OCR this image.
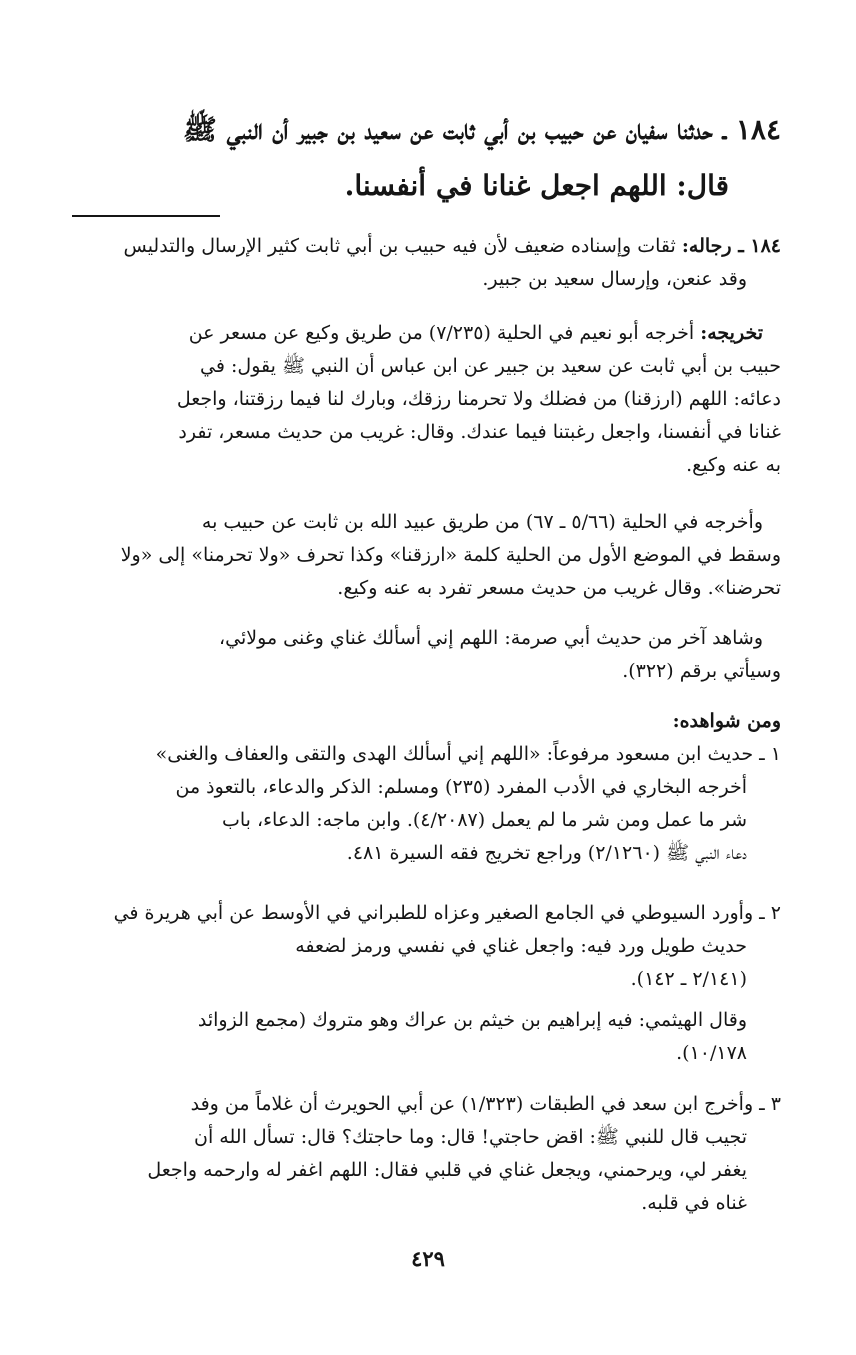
١٨٤ ـ حدثنا سفيان عن حبيب بن أبي ثابت عن سعيد بن جبير أن النبي ﷺ
قال: اللهم اجعل غنانا في أنفسنا.
١٨٤ ـ رجاله: ثقات وإسناده ضعيف لأن فيه حبيب بن أبي ثابت كثير الإرسال والتدليس
وقد عنعن، وإرسال سعيد بن جبير.
تخريجه: أخرجه أبو نعيم في الحلية (٧/٢٣٥) من طريق وكيع عن مسعر عن
حبيب بن أبي ثابت عن سعيد بن جبير عن ابن عباس أن النبي ﷺ يقول: في
دعائه: اللهم (ارزقنا) من فضلك ولا تحرمنا رزقك، وبارك لنا فيما رزقتنا، واجعل
غنانا في أنفسنا، واجعل رغبتنا فيما عندك. وقال: غريب من حديث مسعر، تفرد
به عنه وكيع.
وأخرجه في الحلية (٥/٦٦ ـ ٦٧) من طريق عبيد الله بن ثابت عن حبيب به
وسقط في الموضع الأول من الحلية كلمة «ارزقنا» وكذا تحرف «ولا تحرمنا» إلى «ولا
تحرضنا». وقال غريب من حديث مسعر تفرد به عنه وكيع.
وشاهد آخر من حديث أبي صرمة: اللهم إني أسألك غناي وغنى مولائي،
وسيأتي برقم (٣٢٢).
ومن شواهده:
١ ـ حديث ابن مسعود مرفوعاً: «اللهم إني أسألك الهدى والتقى والعفاف والغنى»
أخرجه البخاري في الأدب المفرد (٢٣٥) ومسلم: الذكر والدعاء، بالتعوذ من
شر ما عمل ومن شر ما لم يعمل (٤/٢٠٨٧). وابن ماجه: الدعاء، باب
دعاء النبي ﷺ (٢/١٢٦٠) وراجع تخريج فقه السيرة ٤٨١.
٢ ـ وأورد السيوطي في الجامع الصغير وعزاه للطبراني في الأوسط عن أبي هريرة في
حديث طويل ورد فيه: واجعل غناي في نفسي ورمز لضعفه
(٢/١٤١ ـ ١٤٢).
وقال الهيثمي: فيه إبراهيم بن خيثم بن عراك وهو متروك (مجمع الزوائد
١٠/١٧٨).
٣ ـ وأخرج ابن سعد في الطبقات (١/٣٢٣) عن أبي الحويرث أن غلاماً من وفد
تجيب قال للنبي ﷺ: اقض حاجتي! قال: وما حاجتك؟ قال: تسأل الله أن
يغفر لي، ويرحمني، ويجعل غناي في قلبي فقال: اللهم اغفر له وارحمه واجعل
غناه في قلبه.
٤٢٩
